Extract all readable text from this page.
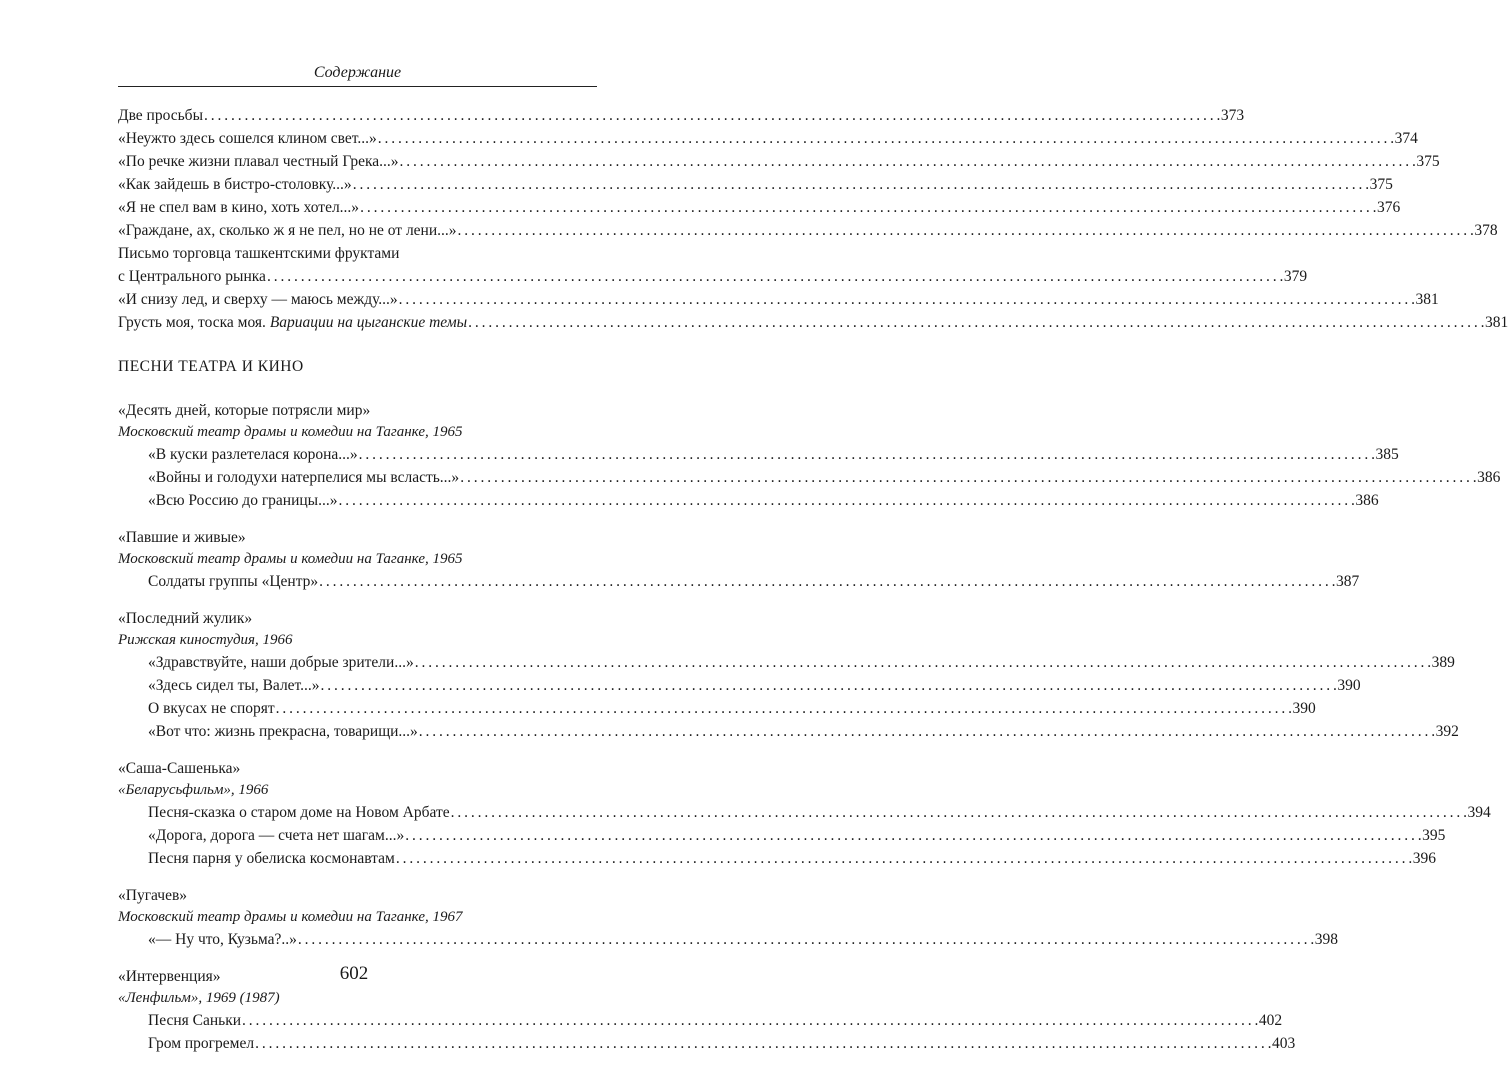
Содержание
Две просьбы . . .	373
«Неужто здесь сошелся клином свет...» . . .	374
«По речке жизни плавал честный Грека...» . . .	375
«Как зайдешь в бистро-столовку...» . . .	375
«Я не спел вам в кино, хоть хотел...» . . .	376
«Граждане, ах, сколько ж я не пел, но не от лени...» . . .	378
Письмо торговца ташкентскими фруктами
с Центрального рынка . . .	379
«И снизу лед, и сверху — маюсь между...» . . .	381
Грусть моя, тоска моя. Вариации на цыганские темы . . .	381
ПЕСНИ ТЕАТРА И КИНО
«Десять дней, которые потрясли мир»
Московский театр драмы и комедии на Таганке, 1965
«В куски разлетелася корона...» . . .	385
«Войны и голодухи натерпелися мы всласть...» . . .	386
«Всю Россию до границы...» . . .	386
«Павшие и живые»
Московский театр драмы и комедии на Таганке, 1965
Солдаты группы «Центр» . . .	387
«Последний жулик»
Рижская киностудия, 1966
«Здравствуйте, наши добрые зрители...» . . .	389
«Здесь сидел ты, Валет...» . . .	390
О вкусах не спорят . . .	390
«Вот что: жизнь прекрасна, товарищи...» . . .	392
«Саша-Сашенька»
«Беларусьфильм», 1966
Песня-сказка о старом доме на Новом Арбате . . .	394
«Дорога, дорога — счета нет шагам...» . . .	395
Песня парня у обелиска космонавтам . . .	396
«Пугачев»
Московский театр драмы и комедии на Таганке, 1967
«— Ну что, Кузьма?..» . . .	398
«Интервенция»
«Ленфильм», 1969 (1987)
Песня Саньки . . .	402
Гром прогремел . . .	403
602
